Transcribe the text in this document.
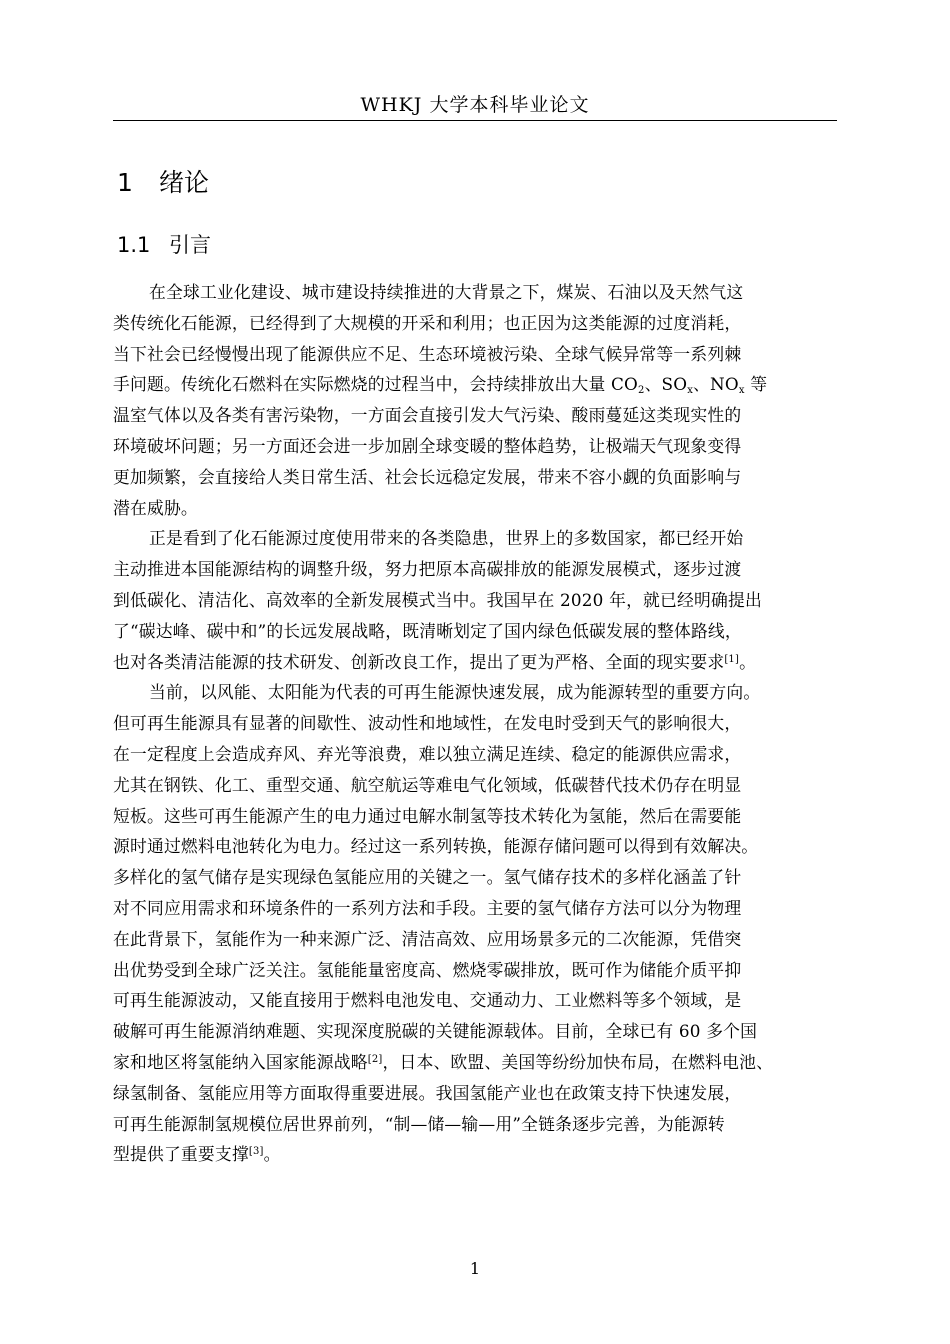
WHKJ 大学本科毕业论文
1 绪论
1.1 引言
在全球工业化建设、城市建设持续推进的大背景之下，煤炭、石油以及天然气这
类传统化石能源，已经得到了大规模的开采和利用；也正因为这类能源的过度消耗，
当下社会已经慢慢出现了能源供应不足、生态环境被污染、全球气候异常等一系列棘
手问题。传统化石燃料在实际燃烧的过程当中，会持续排放出大量 $CO_2$、$SO_x$、$NO_x$ 等
温室气体以及各类有害污染物，一方面会直接引发大气污染、酸雨蔓延这类现实性的
环境破坏问题；另一方面还会进一步加剧全球变暖的整体趋势，让极端天气现象变得
更加频繁，会直接给人类日常生活、社会长远稳定发展，带来不容小觑的负面影响与
潜在威胁。
正是看到了化石能源过度使用带来的各类隐患，世界上的多数国家，都已经开始
主动推进本国能源结构的调整升级，努力把原本高碳排放的能源发展模式，逐步过渡
到低碳化、清洁化、高效率的全新发展模式当中。我国早在 2020 年，就已经明确提出
了“碳达峰、碳中和”的长远发展战略，既清晰划定了国内绿色低碳发展的整体路线，
也对各类清洁能源的技术研发、创新改良工作，提出了更为严格、全面的现实要求[1]。
当前，以风能、太阳能为代表的可再生能源快速发展，成为能源转型的重要方向。
但可再生能源具有显著的间歇性、波动性和地域性，在发电时受到天气的影响很大，
在一定程度上会造成弃风、弃光等浪费，难以独立满足连续、稳定的能源供应需求，
尤其在钢铁、化工、重型交通、航空航运等难电气化领域，低碳替代技术仍存在明显
短板。这些可再生能源产生的电力通过电解水制氢等技术转化为氢能，然后在需要能
源时通过燃料电池转化为电力。经过这一系列转换，能源存储问题可以得到有效解决。
多样化的氢气储存是实现绿色氢能应用的关键之一。氢气储存技术的多样化涵盖了针
对不同应用需求和环境条件的一系列方法和手段。主要的氢气储存方法可以分为物理
在此背景下，氢能作为一种来源广泛、清洁高效、应用场景多元的二次能源，凭借突
出优势受到全球广泛关注。氢能能量密度高、燃烧零碳排放，既可作为储能介质平抑
可再生能源波动，又能直接用于燃料电池发电、交通动力、工业燃料等多个领域，是
破解可再生能源消纳难题、实现深度脱碳的关键能源载体。目前，全球已有 60 多个国
家和地区将氢能纳入国家能源战略[2]，日本、欧盟、美国等纷纷加快布局，在燃料电池、
绿氢制备、氢能应用等方面取得重要进展。我国氢能产业也在政策支持下快速发展，
可再生能源制氢规模位居世界前列，“制—储—输—用”全链条逐步完善，为能源转
型提供了重要支撑[3]。
1
